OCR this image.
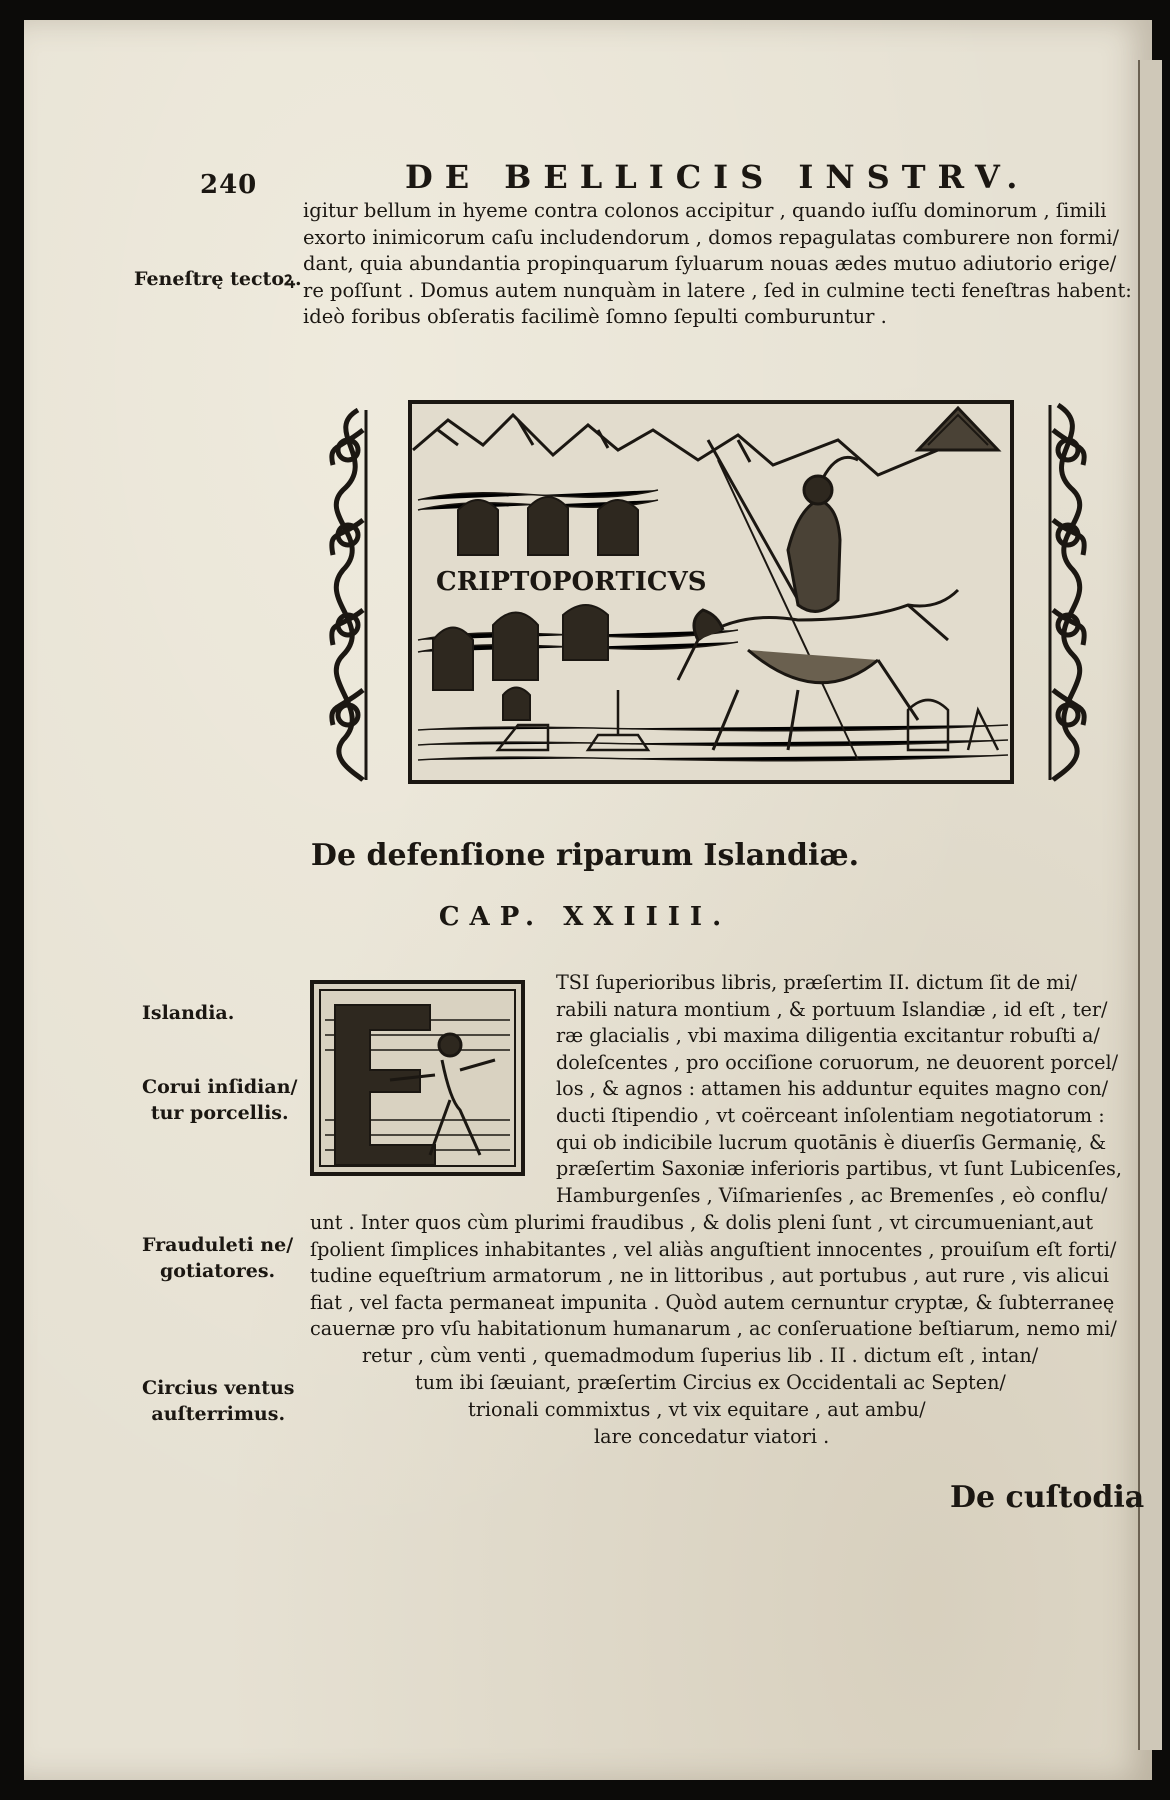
240	DE BELLICIS INSTRV.
igitur bellum in hyeme contra colonos accipitur , quando iuſſu dominorum , ſimili
exorto inimicorum caſu includendorum , domos repagulatas comburere non formi/
dant, quia abundantia propinquarum ſyluarum nouas ædes mutuo adiutorio erige/
re poſſunt . Domus autem nunquàm in latere , ſed in culmine tecti feneſtras habent:
ideò foribus obſeratis facilimè ſomno ſepulti comburuntur .
Feneſtrę tectoꝝ.
CRIPTOPORTICVS
De defenſione riparum Islandiæ.
CAP. XXIIII.
TSI ſuperioribus libris, præſertim II. dictum ſit de mi/
rabili natura montium , & portuum Islandiæ , id eſt , ter/
ræ glacialis , vbi maxima diligentia excitantur robuſti a/
doleſcentes , pro occiſione coruorum, ne deuorent porcel/
los , & agnos : attamen his adduntur equites magno con/
ducti ſtipendio , vt coërceant inſolentiam negotiatorum :
qui ob indicibile lucrum quotānis è diuerſis Germanię, &
præſertim Saxoniæ inferioris partibus, vt ſunt Lubicenſes,
Hamburgenſes , Viſmarienſes , ac Bremenſes , eò conflu/
unt . Inter quos cùm plurimi fraudibus , & dolis pleni ſunt , vt circumueniant,aut
ſpolient ſimplices inhabitantes , vel aliàs anguſtient innocentes , prouiſum eſt forti/
tudine equeſtrium armatorum , ne in littoribus , aut portubus , aut rure , vis alicui
fiat , vel facta permaneat impunita . Quòd autem cernuntur cryptæ, & ſubterraneę
cauernæ pro vſu habitationum humanarum , ac conſeruatione beſtiarum, nemo mi/
retur , cùm venti , quemadmodum ſuperius lib . II . dictum eſt , intan/
tum ibi ſæuiant, præſertim Circius ex Occidentali ac Septen/
trionali commixtus , vt vix equitare , aut ambu/
lare concedatur viatori .
Islandia.
Corui inſidian/
tur porcellis.
Frauduleti ne/
gotiatores.
Circius ventus
auſterrimus.
De cuſtodia
